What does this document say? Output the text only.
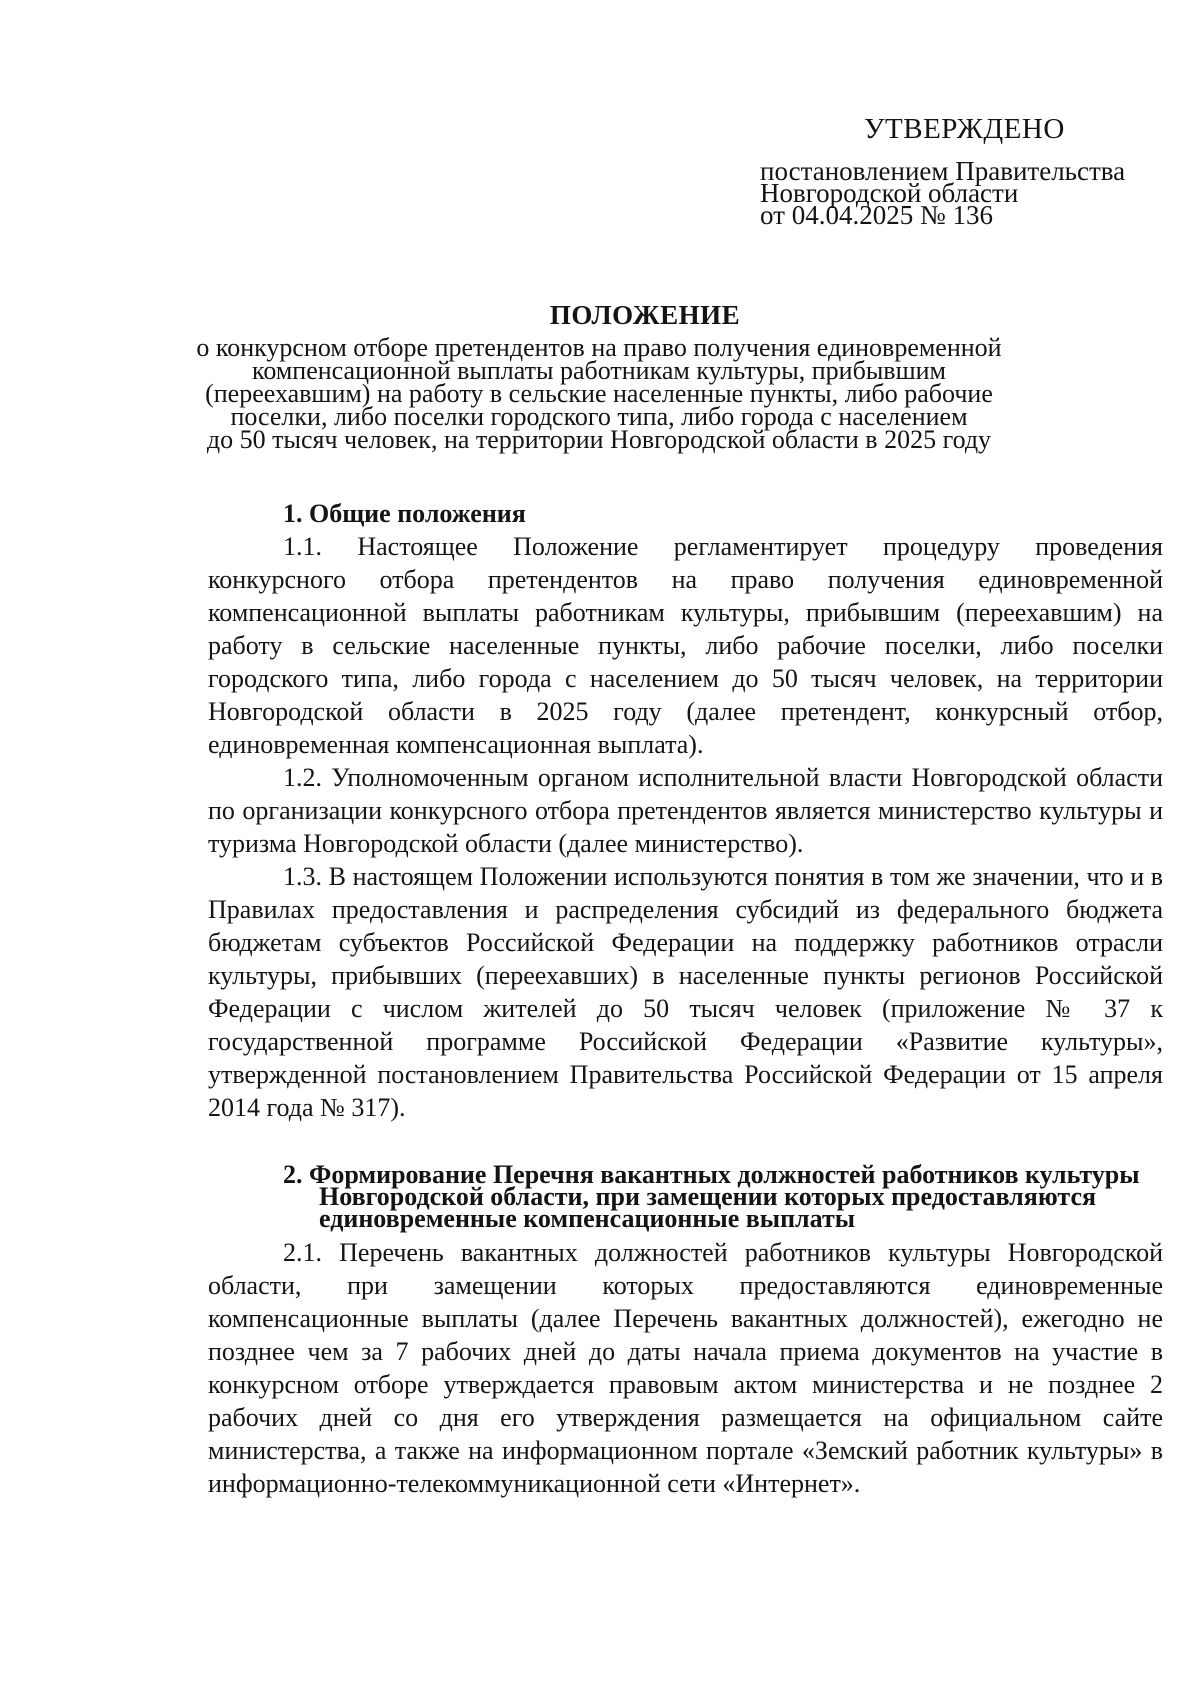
УТВЕРЖДЕНО
постановлением Правительства
Новгородской области
от 04.04.2025 № 136
ПОЛОЖЕНИЕ
о конкурсном отборе претендентов на право получения единовременной
компенсационной выплаты работникам культуры, прибывшим
(переехавшим) на работу в сельские населенные пункты, либо рабочие
поселки, либо поселки городского типа, либо города с населением
до 50 тысяч человек, на территории Новгородской области в 2025 году
1. Общие положения

1.1. Настоящее Положение регламентирует процедуру проведения конкурсного отбора претендентов на право получения единовременной компенсационной выплаты работникам культуры, прибывшим (переехавшим) на работу в сельские населенные пункты, либо рабочие поселки, либо поселки городского типа, либо города с населением до 50 тысяч человек, на территории Новгородской области в 2025 году (далее претендент, конкурсный отбор, единовременная компенсационная выплата).

1.2. Уполномоченным органом исполнительной власти Новгородской области по организации конкурсного отбора претендентов является министерство культуры и туризма Новгородской области (далее министерство).

1.3. В настоящем Положении используются понятия в том же значении, что и в Правилах предоставления и распределения субсидий из федерального бюджета бюджетам субъектов Российской Федерации на поддержку работников отрасли культуры, прибывших (переехавших) в населенные пункты регионов Российской Федерации с числом жителей до 50 тысяч человек (приложение № 37 к государственной программе Российской Федерации «Развитие культуры», утвержденной постановлением Правительства Российской Федерации от 15 апреля 2014 года № 317).

2. Формирование Перечня вакантных должностей работников культуры Новгородской области, при замещении которых предоставляются единовременные компенсационные выплаты

2.1. Перечень вакантных должностей работников культуры Новгородской области, при замещении которых предоставляются единовременные компенсационные выплаты (далее Перечень вакантных должностей), ежегодно не позднее чем за 7 рабочих дней до даты начала приема документов на участие в конкурсном отборе утверждается правовым актом министерства и не позднее 2 рабочих дней со дня его утверждения размещается на официальном сайте министерства, а также на информационном портале «Земский работник культуры» в информационно-телекоммуникационной сети «Интернет».
